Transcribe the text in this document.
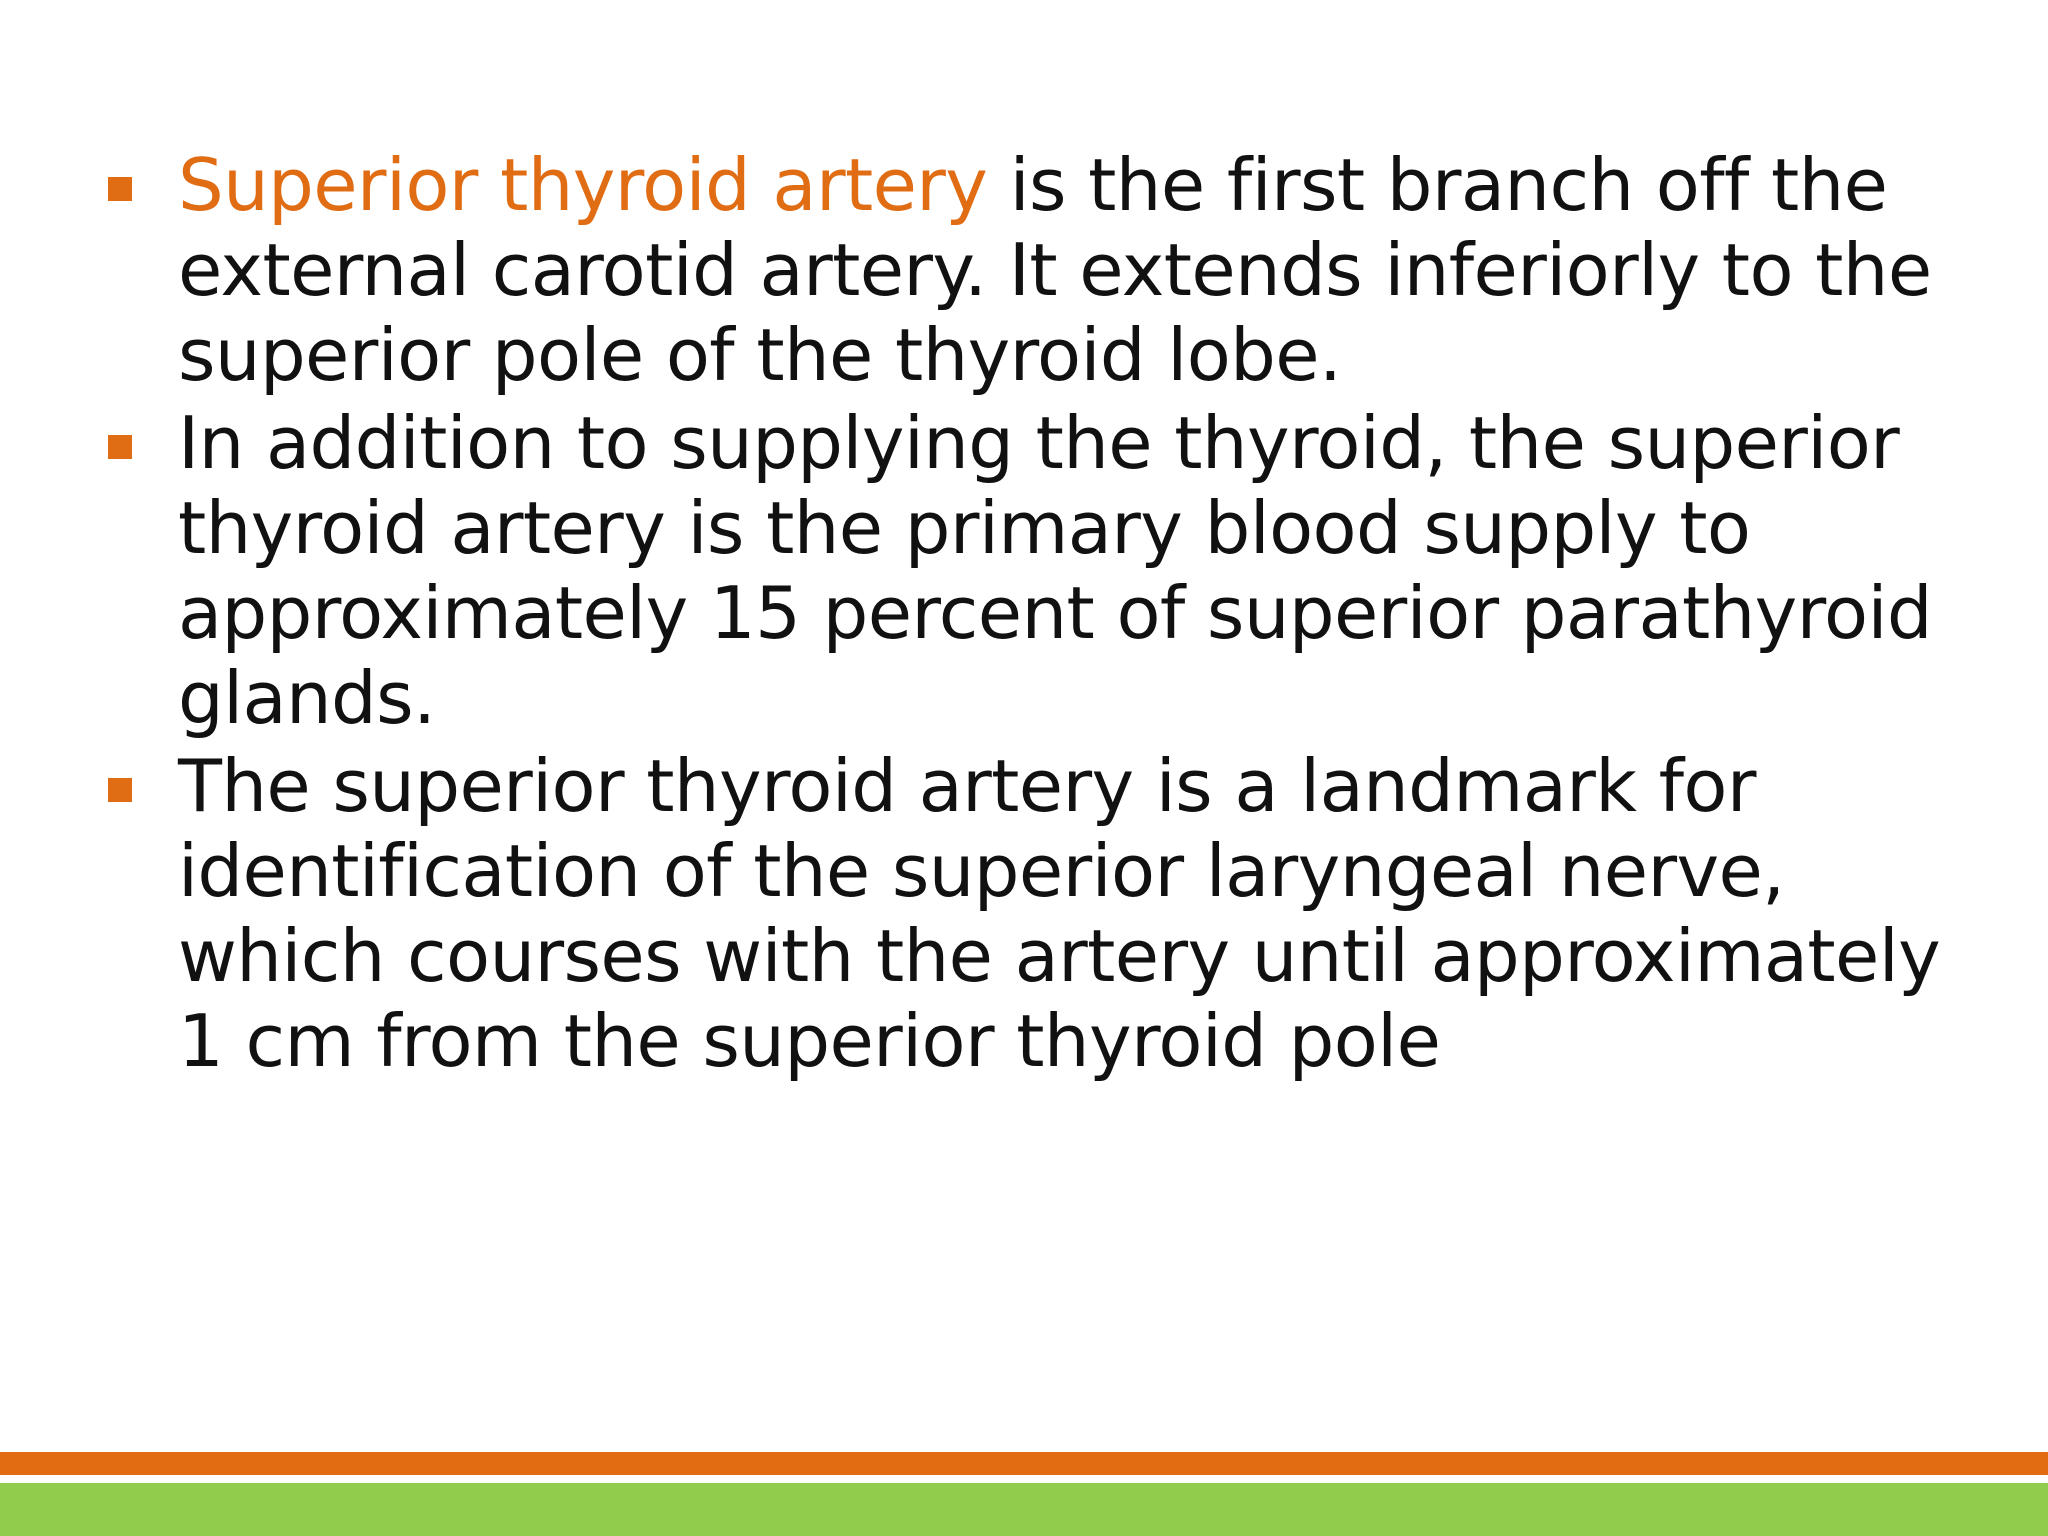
Superior thyroid artery is the first branch off the external carotid artery. It extends inferiorly to the superior pole of the thyroid lobe.
In addition to supplying the thyroid, the superior thyroid artery is the primary blood supply to approximately 15 percent of superior parathyroid glands.
The superior thyroid artery is a landmark for identification of the superior laryngeal nerve, which courses with the artery until approximately 1 cm from the superior thyroid pole
